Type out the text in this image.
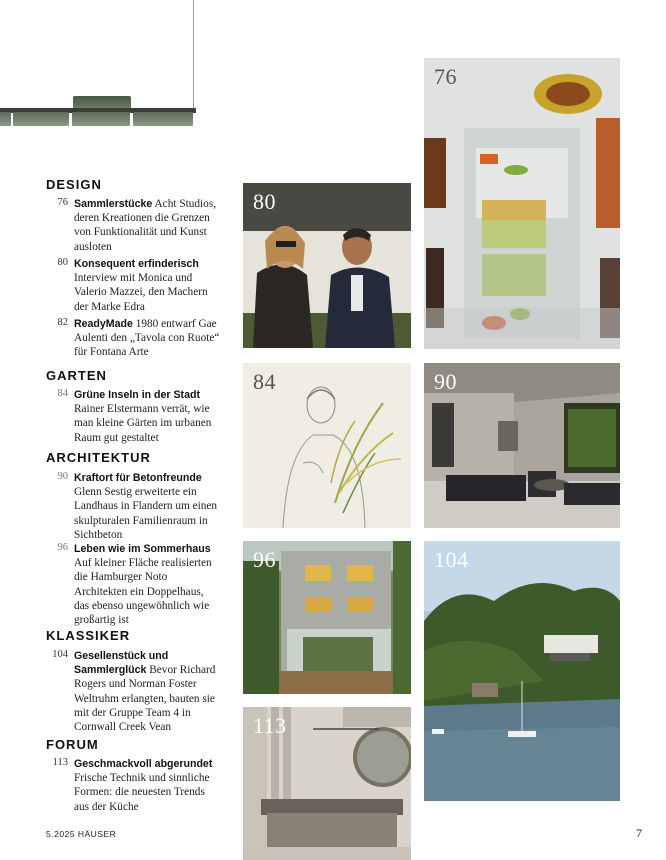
DESIGN
GARTEN
ARCHITEKTUR
KLASSIKER
FORUM
76 Sammlerstücke Acht Studios, deren Kreationen die Grenzen von Funktionalität und Kunst ausloten
80 Konsequent erfinderisch Interview mit Monica und Valerio Mazzei, den Machern der Marke Edra
82 ReadyMade 1980 entwarf Gae Aulenti den „Tavola con Ruote“ für Fontana Arte
84 Grüne Inseln in der Stadt Rainer Elstermann verrät, wie man kleine Gärten im urbanen Raum gut gestaltet
90 Kraftort für Betonfreunde Glenn Sestig erweiterte ein Landhaus in Flandern um einen skulpturalen Familienraum in Sichtbeton
96 Leben wie im Sommerhaus Auf kleiner Fläche realisierten die Hamburger Noto Architekten ein Doppelhaus, das ebenso ungewöhnlich wie großartig ist
104 Gesellenstück und Sammlerglück Bevor Richard Rogers und Norman Foster Weltruhm erlangten, bauten sie mit der Gruppe Team 4 in Cornwall Creek Vean
113 Geschmackvoll abgerundet Frische Technik und sinnliche Formen: die neuesten Trends aus der Küche
76
80
84	90
96	104
113
5.2025 HÄUSER	7
